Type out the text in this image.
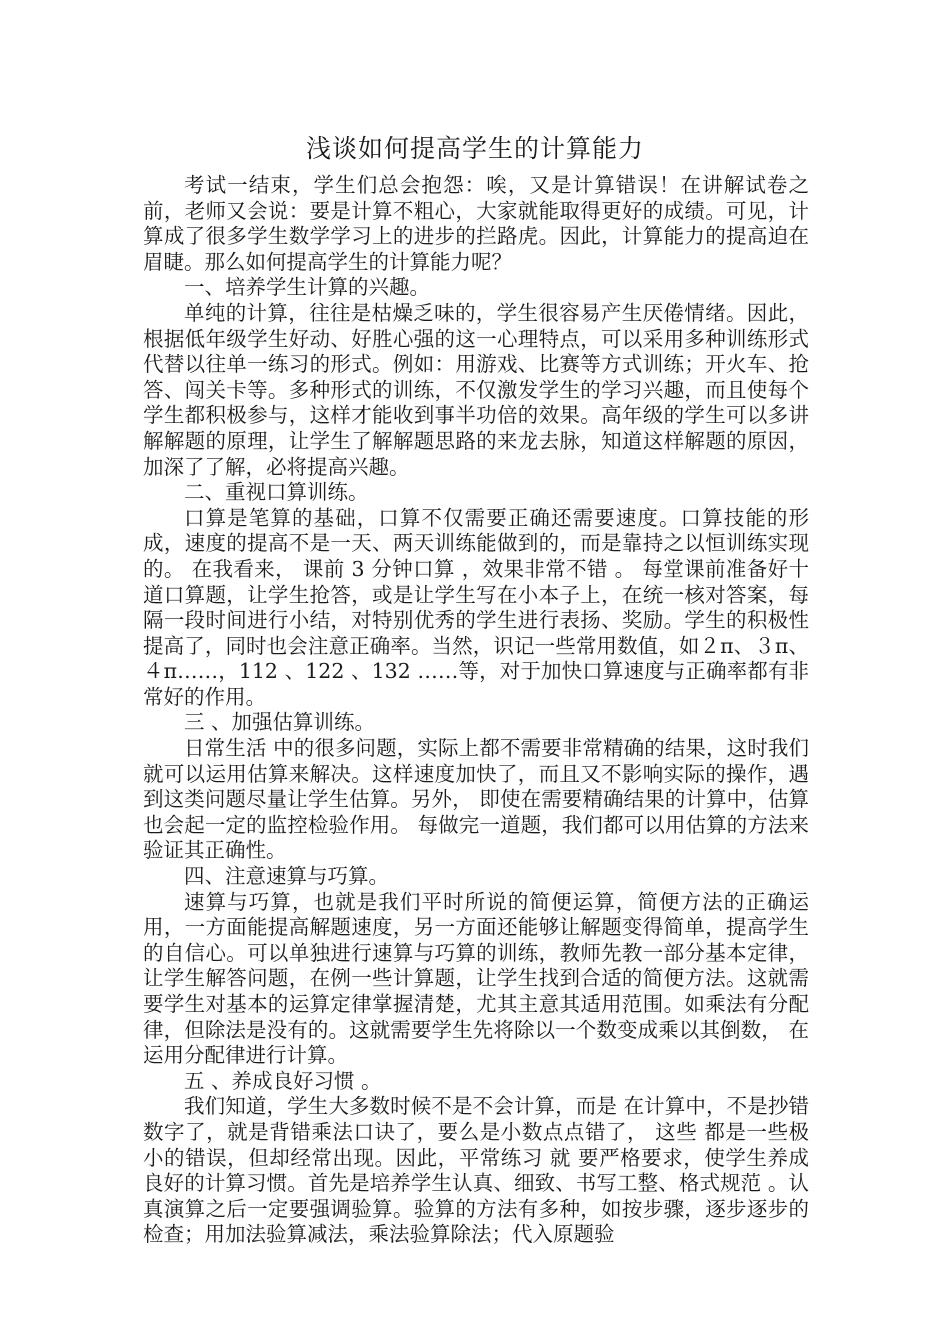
浅谈如何提高学生的计算能力

考试一结束，学生们总会抱怨：唉，又是计算错误！在讲解试卷之前，老师又会说：要是计算不粗心，大家就能取得更好的成绩。可见，计算成了很多学生数学学习上的进步的拦路虎。因此，计算能力的提高迫在眉睫。那么如何提高学生的计算能力呢？

一、培养学生计算的兴趣。

单纯的计算，往往是枯燥乏味的，学生很容易产生厌倦情绪。因此，根据低年级学生好动、好胜心强的这一心理特点，可以采用多种训练形式代替以往单一练习的形式。例如：用游戏、比赛等方式训练；开火车、抢答、闯关卡等。多种形式的训练，不仅激发学生的学习兴趣，而且使每个学生都积极参与，这样才能收到事半功倍的效果。高年级的学生可以多讲解解题的原理，让学生了解解题思路的来龙去脉，知道这样解题的原因，加深了了解，必将提高兴趣。

二、重视口算训练。

口算是笔算的基础，口算不仅需要正确还需要速度。口算技能的形成，速度的提高不是一天、两天训练能做到的，而是靠持之以恒训练实现的。 在我看来， 课前 3 分钟口算 ，效果非常不错 。 每堂课前准备好十道口算题，让学生抢答，或是让学生写在小本子上，在统一核对答案，每隔一段时间进行小结，对特别优秀的学生进行表扬、奖励。学生的积极性提高了，同时也会注意正确率。当然，识记一些常用数值，如２π、３π、４π……，112 、122 、132 ……等，对于加快口算速度与正确率都有非常好的作用。

三 、加强估算训练。

日常生活 中的很多问题，实际上都不需要非常精确的结果，这时我们就可以运用估算来解决。这样速度加快了，而且又不影响实际的操作，遇到这类问题尽量让学生估算。另外， 即使在需要精确结果的计算中，估算也会起一定的监控检验作用。 每做完一道题，我们都可以用估算的方法来验证其正确性。

四、注意速算与巧算。

速算与巧算，也就是我们平时所说的简便运算，简便方法的正确运用，一方面能提高解题速度，另一方面还能够让解题变得简单，提高学生的自信心。可以单独进行速算与巧算的训练，教师先教一部分基本定律，让学生解答问题，在例一些计算题，让学生找到合适的简便方法。这就需要学生对基本的运算定律掌握清楚，尤其主意其适用范围。如乘法有分配律，但除法是没有的。这就需要学生先将除以一个数变成乘以其倒数， 在运用分配律进行计算。

五 、养成良好习惯 。

我们知道，学生大多数时候不是不会计算，而是 在计算中，不是抄错数字了，就是背错乘法口诀了，要么是小数点点错了， 这些 都是一些极小的错误，但却经常出现。因此，平常练习 就 要严格要求，使学生养成良好的计算习惯。首先是培养学生认真、细致、书写工整、格式规范 。认真演算之后一定要强调验算。验算的方法有多种，如按步骤，逐步逐步的检查；用加法验算减法，乘法验算除法；代入原题验
